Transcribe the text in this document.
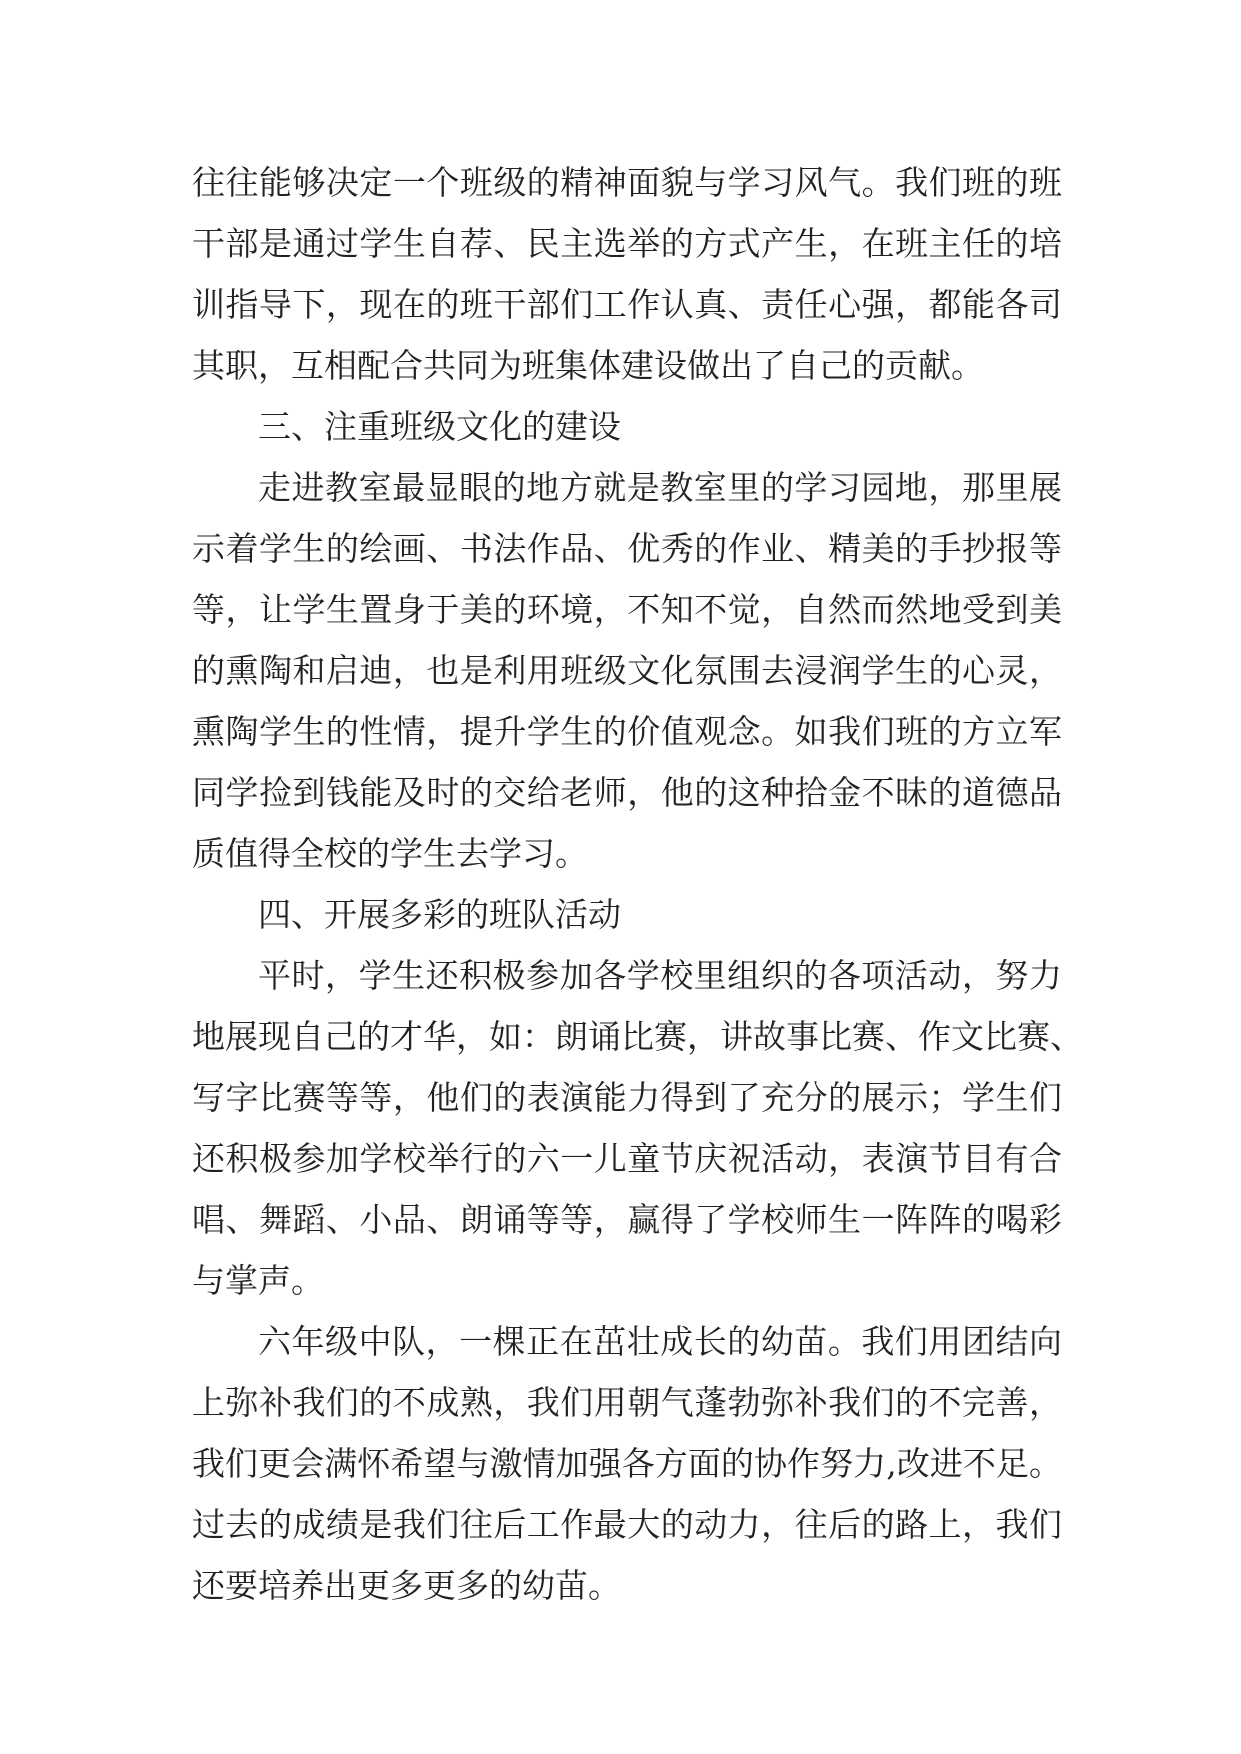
往往能够决定一个班级的精神面貌与学习风气。我们班的班
干部是通过学生自荐、民主选举的方式产生，在班主任的培
训指导下，现在的班干部们工作认真、责任心强，都能各司
其职，互相配合共同为班集体建设做出了自己的贡献。
三、注重班级文化的建设
走进教室最显眼的地方就是教室里的学习园地，那里展
示着学生的绘画、书法作品、优秀的作业、精美的手抄报等
等，让学生置身于美的环境，不知不觉，自然而然地受到美
的熏陶和启迪，也是利用班级文化氛围去浸润学生的心灵，
熏陶学生的性情，提升学生的价值观念。如我们班的方立军
同学捡到钱能及时的交给老师，他的这种拾金不昧的道德品
质值得全校的学生去学习。
四、开展多彩的班队活动
平时，学生还积极参加各学校里组织的各项活动，努力
地展现自己的才华，如：朗诵比赛，讲故事比赛、作文比赛、
写字比赛等等，他们的表演能力得到了充分的展示；学生们
还积极参加学校举行的六一儿童节庆祝活动，表演节目有合
唱、舞蹈、小品、朗诵等等，赢得了学校师生一阵阵的喝彩
与掌声。
六年级中队，一棵正在茁壮成长的幼苗。我们用团结向
上弥补我们的不成熟，我们用朝气蓬勃弥补我们的不完善，
我们更会满怀希望与激情加强各方面的协作努力,改进不足。
过去的成绩是我们往后工作最大的动力，往后的路上，我们
还要培养出更多更多的幼苗。
